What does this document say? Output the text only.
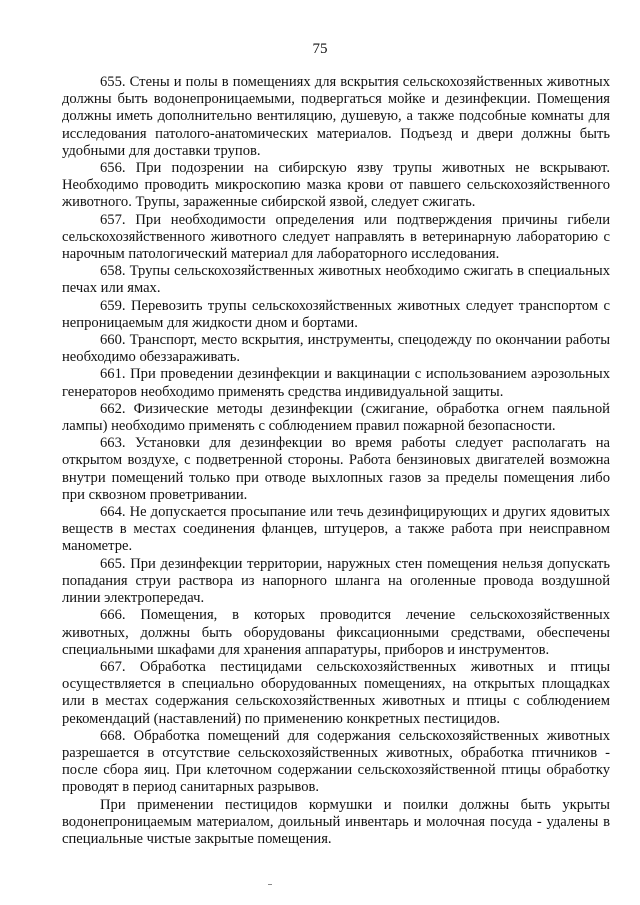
75

655. Стены и полы в помещениях для вскрытия сельскохозяйственных животных должны быть водонепроницаемыми, подвергаться мойке и дезинфекции. Помещения должны иметь дополнительно вентиляцию, душевую, а также подсобные комнаты для исследования патолого-анатомических материалов. Подъезд и двери должны быть удобными для доставки трупов.

656. При подозрении на сибирскую язву трупы животных не вскрывают. Необходимо проводить микроскопию мазка крови от павшего сельскохозяйственного животного. Трупы, зараженные сибирской язвой, следует сжигать.

657. При необходимости определения или подтверждения причины гибели сельскохозяйственного животного следует направлять в ветеринарную лабораторию с нарочным патологический материал для лабораторного исследования.

658. Трупы сельскохозяйственных животных необходимо сжигать в специальных печах или ямах.

659. Перевозить трупы сельскохозяйственных животных следует транспортом с непроницаемым для жидкости дном и бортами.

660. Транспорт, место вскрытия, инструменты, спецодежду по окончании работы необходимо обеззараживать.

661. При проведении дезинфекции и вакцинации с использованием аэрозольных генераторов необходимо применять средства индивидуальной защиты.

662. Физические методы дезинфекции (сжигание, обработка огнем паяльной лампы) необходимо применять с соблюдением правил пожарной безопасности.

663. Установки для дезинфекции во время работы следует располагать на открытом воздухе, с подветренной стороны. Работа бензиновых двигателей возможна внутри помещений только при отводе выхлопных газов за пределы помещения либо при сквозном проветривании.

664. Не допускается просыпание или течь дезинфицирующих и других ядовитых веществ в местах соединения фланцев, штуцеров, а также работа при неисправном манометре.

665. При дезинфекции территории, наружных стен помещения нельзя допускать попадания струи раствора из напорного шланга на оголенные провода воздушной линии электропередач.

666. Помещения, в которых проводится лечение сельскохозяйственных животных, должны быть оборудованы фиксационными средствами, обеспечены специальными шкафами для хранения аппаратуры, приборов и инструментов.

667. Обработка пестицидами сельскохозяйственных животных и птицы осуществляется в специально оборудованных помещениях, на открытых площадках или в местах содержания сельскохозяйственных животных и птицы с соблюдением рекомендаций (наставлений) по применению конкретных пестицидов.

668. Обработка помещений для содержания сельскохозяйственных животных разрешается в отсутствие сельскохозяйственных животных, обработка птичников - после сбора яиц. При клеточном содержании сельскохозяйственной птицы обработку проводят в период санитарных разрывов.

При применении пестицидов кормушки и поилки должны быть укрыты водонепроницаемым материалом, доильный инвентарь и молочная посуда - удалены в специальные чистые закрытые помещения.
